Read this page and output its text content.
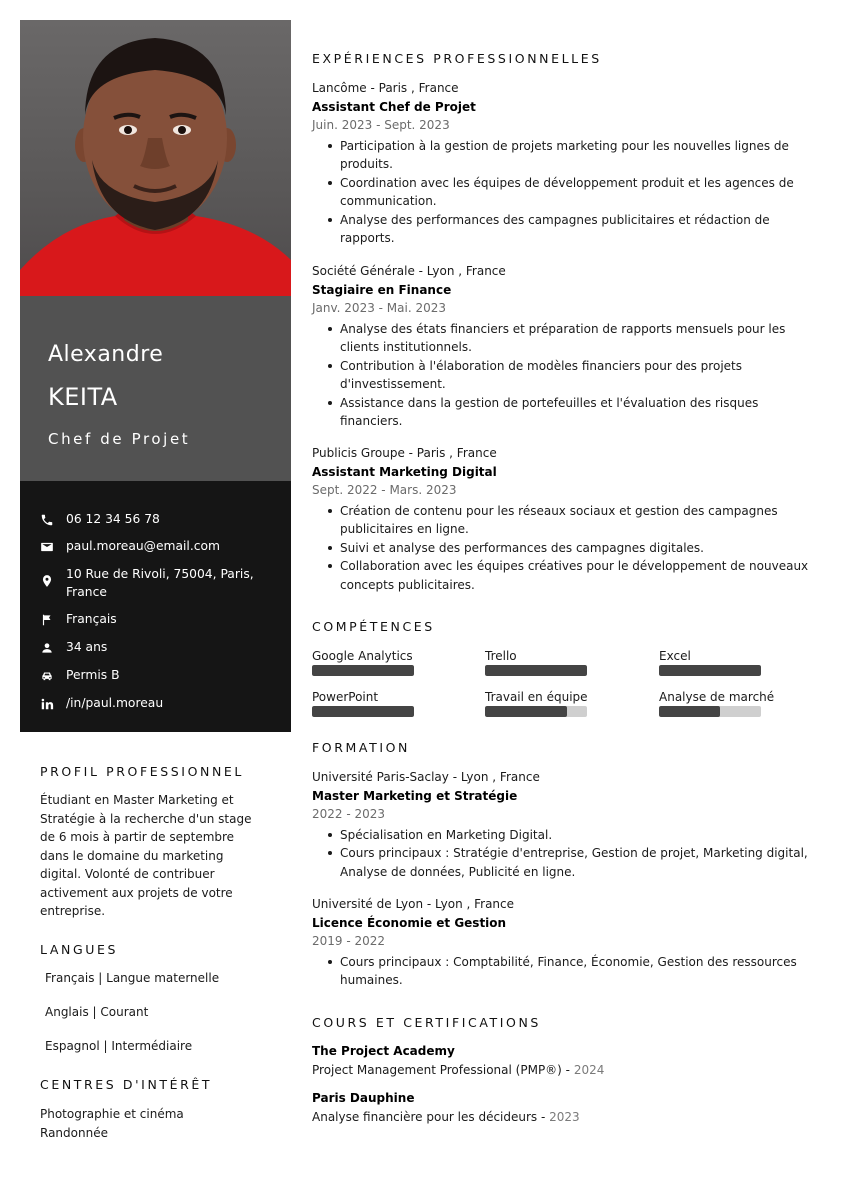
Alexandre
KEITA
Chef de Projet
06 12 34 56 78
paul.moreau@email.com
10 Rue de Rivoli, 75004, Paris, France
Français
34 ans
Permis B
/in/paul.moreau
PROFIL PROFESSIONNEL
Étudiant en Master Marketing et Stratégie à la recherche d'un stage de 6 mois à partir de septembre dans le domaine du marketing digital. Volonté de contribuer activement aux projets de votre entreprise.
LANGUES
Français | Langue maternelle
Anglais | Courant
Espagnol | Intermédiaire
CENTRES D'INTÉRÊT
Photographie et cinéma
Randonnée
EXPÉRIENCES PROFESSIONNELLES
Lancôme - Paris , France
Assistant Chef de Projet
Juin. 2023 - Sept. 2023
Participation à la gestion de projets marketing pour les nouvelles lignes de produits.
Coordination avec les équipes de développement produit et les agences de communication.
Analyse des performances des campagnes publicitaires et rédaction de rapports.
Société Générale - Lyon , France
Stagiaire en Finance
Janv. 2023 - Mai. 2023
Analyse des états financiers et préparation de rapports mensuels pour les clients institutionnels.
Contribution à l'élaboration de modèles financiers pour des projets d'investissement.
Assistance dans la gestion de portefeuilles et l'évaluation des risques financiers.
Publicis Groupe - Paris , France
Assistant Marketing Digital
Sept. 2022 - Mars. 2023
Création de contenu pour les réseaux sociaux et gestion des campagnes publicitaires en ligne.
Suivi et analyse des performances des campagnes digitales.
Collaboration avec les équipes créatives pour le développement de nouveaux concepts publicitaires.
COMPÉTENCES
Google Analytics	Trello	Excel
PowerPoint	Travail en équipe	Analyse de marché
FORMATION
Université Paris-Saclay - Lyon , France
Master Marketing et Stratégie
2022 - 2023
Spécialisation en Marketing Digital.
Cours principaux : Stratégie d'entreprise, Gestion de projet, Marketing digital, Analyse de données, Publicité en ligne.
Université de Lyon - Lyon , France
Licence Économie et Gestion
2019 - 2022
Cours principaux : Comptabilité, Finance, Économie, Gestion des ressources humaines.
COURS ET CERTIFICATIONS
The Project Academy
Project Management Professional (PMP®) - 2024
Paris Dauphine
Analyse financière pour les décideurs - 2023
